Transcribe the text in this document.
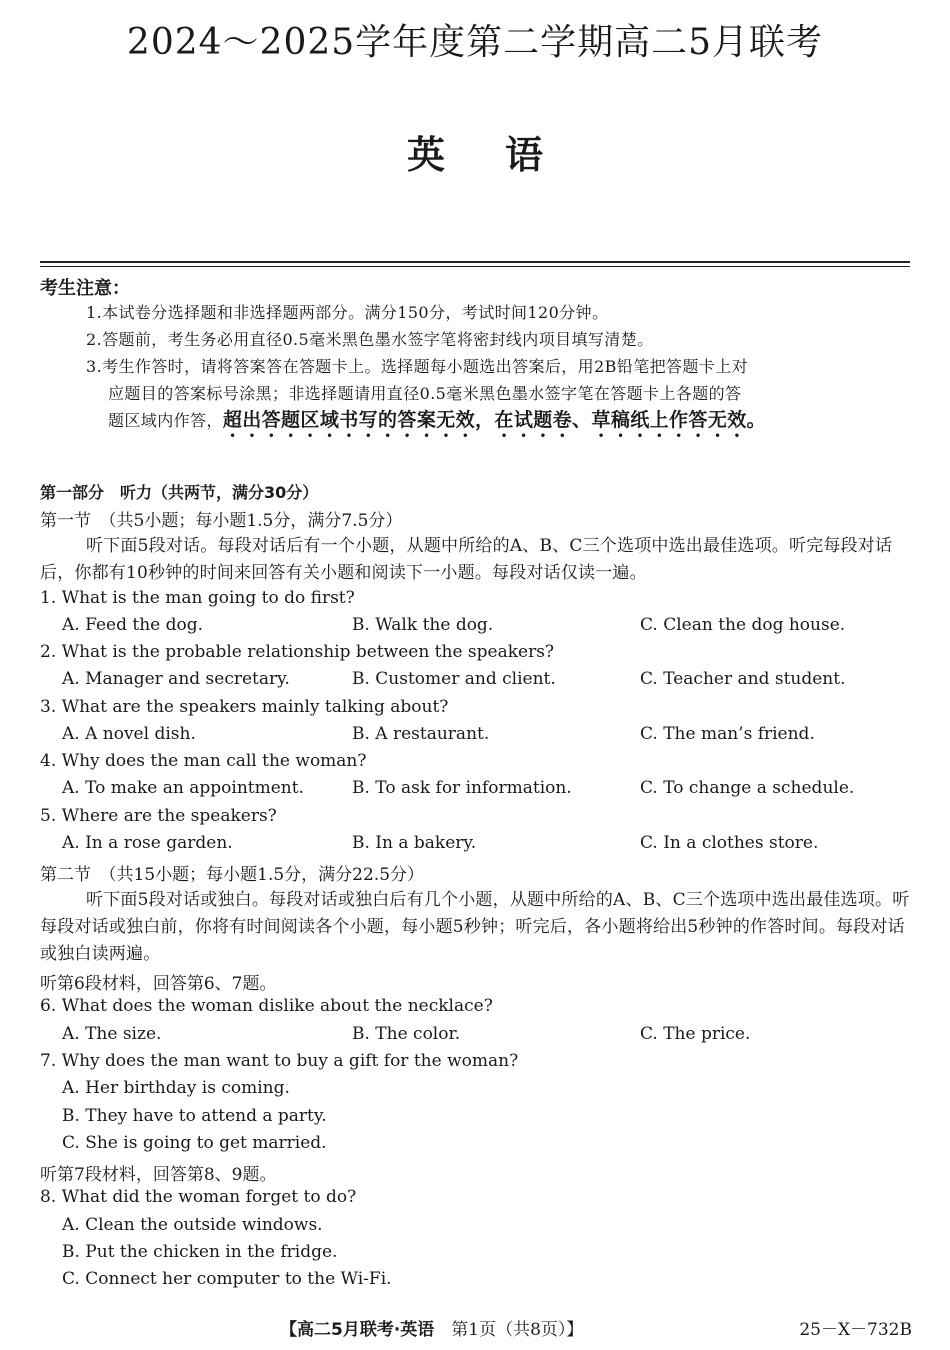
2024～2025学年度第二学期高二5月联考
英语
考生注意：
1.本试卷分选择题和非选择题两部分。满分150分，考试时间120分钟。
2.答题前，考生务必用直径0.5毫米黑色墨水签字笔将密封线内项目填写清楚。
3.考生作答时，请将答案答在答题卡上。选择题每小题选出答案后，用2B铅笔把答题卡上对
应题目的答案标号涂黑；非选择题请用直径0.5毫米黑色墨水签字笔在答题卡上各题的答
题区域内作答，超出答题区域书写的答案无效，在试题卷、草稿纸上作答无效。
第一部分　听力（共两节，满分30分）
第一节　（共5小题；每小题1.5分，满分7.5分）
听下面5段对话。每段对话后有一个小题，从题中所给的A、B、C三个选项中选出最佳选项。听完每段对话后，你都有10秒钟的时间来回答有关小题和阅读下一小题。每段对话仅读一遍。
1. What is the man going to do first?
A. Feed the dog.	B. Walk the dog.	C. Clean the dog house.
2. What is the probable relationship between the speakers?
A. Manager and secretary.	B. Customer and client.	C. Teacher and student.
3. What are the speakers mainly talking about?
A. A novel dish.	B. A restaurant.	C. The man’s friend.
4. Why does the man call the woman?
A. To make an appointment.	B. To ask for information.	C. To change a schedule.
5. Where are the speakers?
A. In a rose garden.	B. In a bakery.	C. In a clothes store.
第二节　（共15小题；每小题1.5分，满分22.5分）
听下面5段对话或独白。每段对话或独白后有几个小题，从题中所给的A、B、C三个选项中选出最佳选项。听每段对话或独白前，你将有时间阅读各个小题，每小题5秒钟；听完后，各小题将给出5秒钟的作答时间。每段对话或独白读两遍。
听第6段材料，回答第6、7题。
6. What does the woman dislike about the necklace?
A. The size.	B. The color.	C. The price.
7. Why does the man want to buy a gift for the woman?
A. Her birthday is coming.
B. They have to attend a party.
C. She is going to get married.
听第7段材料，回答第8、9题。
8. What did the woman forget to do?
A. Clean the outside windows.
B. Put the chicken in the fridge.
C. Connect her computer to the Wi-Fi.
【高二5月联考·英语　第1页（共8页）】	25－X－732B
